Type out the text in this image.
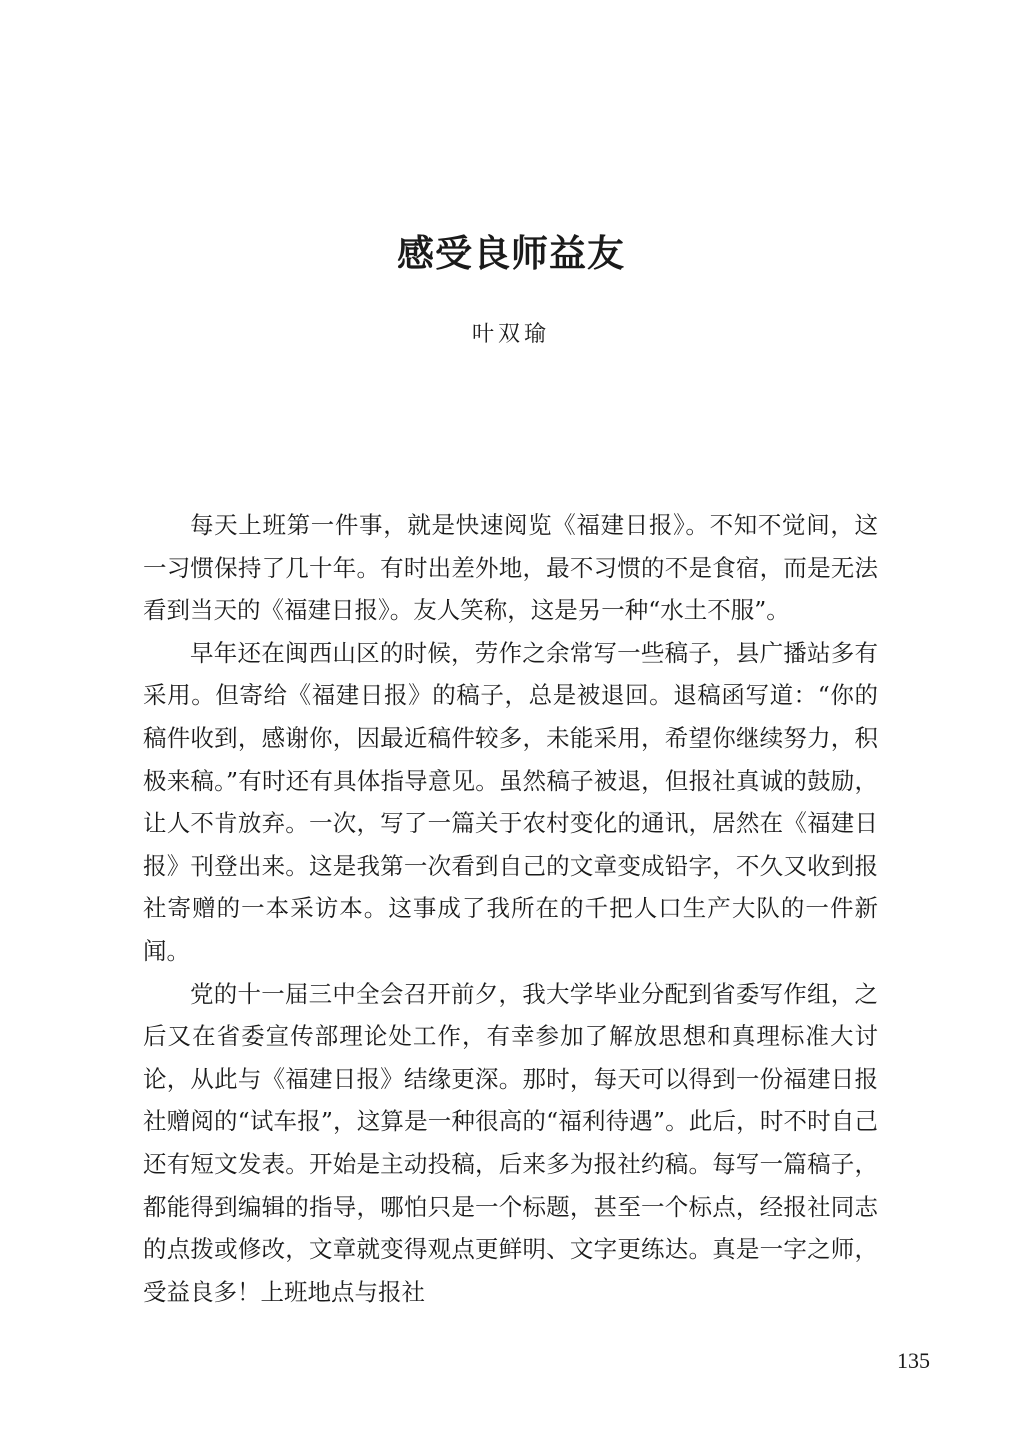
感受良师益友
叶双瑜

每天上班第一件事，就是快速阅览《福建日报》。不知不觉间，这一习惯保持了几十年。有时出差外地，最不习惯的不是食宿，而是无法看到当天的《福建日报》。友人笑称，这是另一种“水土不服”。

早年还在闽西山区的时候，劳作之余常写一些稿子，县广播站多有采用。但寄给《福建日报》的稿子，总是被退回。退稿函写道：“你的稿件收到，感谢你，因最近稿件较多，未能采用，希望你继续努力，积极来稿。”有时还有具体指导意见。虽然稿子被退，但报社真诚的鼓励，让人不肯放弃。一次，写了一篇关于农村变化的通讯，居然在《福建日报》刊登出来。这是我第一次看到自己的文章变成铅字，不久又收到报社寄赠的一本采访本。这事成了我所在的千把人口生产大队的一件新闻。

党的十一届三中全会召开前夕，我大学毕业分配到省委写作组，之后又在省委宣传部理论处工作，有幸参加了解放思想和真理标准大讨论，从此与《福建日报》结缘更深。那时，每天可以得到一份福建日报社赠阅的“试车报”，这算是一种很高的“福利待遇”。此后，时不时自己还有短文发表。开始是主动投稿，后来多为报社约稿。每写一篇稿子，都能得到编辑的指导，哪怕只是一个标题，甚至一个标点，经报社同志的点拨或修改，文章就变得观点更鲜明、文字更练达。真是一字之师，受益良多！上班地点与报社

135
